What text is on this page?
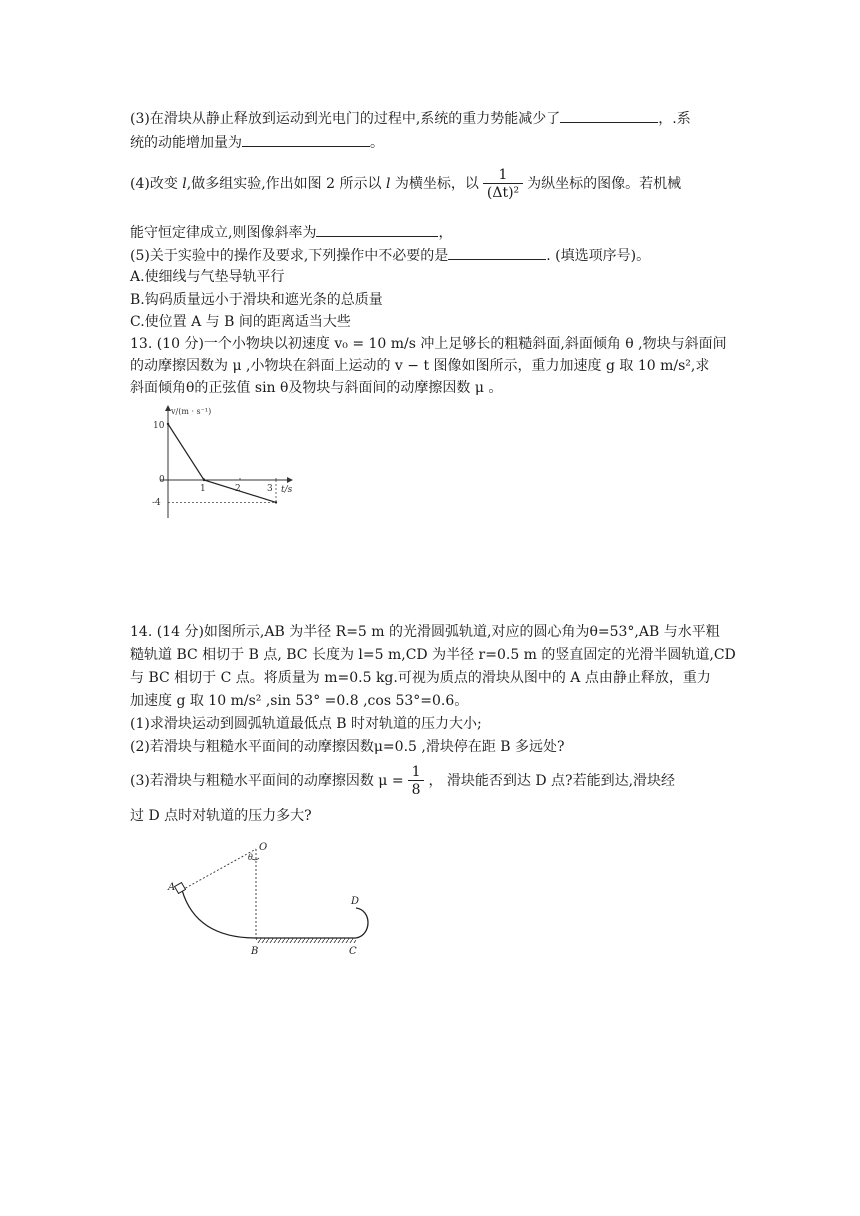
(3)在滑块从静止释放到运动到光电门的过程中,系统的重力势能减少了	，.系
统的动能增加量为	。
(4)改变 l,做多组实验,作出如图 2 所示以 l 为横坐标，以 $\frac{1}{\text{(Δt)²}}$ 为纵坐标的图像。若机械
能守恒定律成立,则图像斜率为	，
(5)关于实验中的操作及要求,下列操作中不必要的是	. (填选项序号)。
A.使细线与气垫导轨平行
B.钩码质量远小于滑块和遮光条的总质量
C.使位置 A 与 B 间的距离适当大些
13. (10 分)一个小物块以初速度 v₀ = 10 m/s 冲上足够长的粗糙斜面,斜面倾角 θ ,物块与斜面间
的动摩擦因数为 μ ,小物块在斜面上运动的 v − t 图像如图所示，重力加速度 g 取 10 m/s²,求
斜面倾角θ的正弦值 sin θ及物块与斜面间的动摩擦因数 μ 。
v/(m · s⁻¹)
t/s
10
0
-4
1	2	3
14. (14 分)如图所示,AB 为半径 R=5 m 的光滑圆弧轨道,对应的圆心角为θ=53°,AB 与水平粗
糙轨道 BC 相切于 B 点, BC 长度为 l=5 m,CD 为半径 r=0.5 m 的竖直固定的光滑半圆轨道,CD
与 BC 相切于 C 点。将质量为 m=0.5 kg.可视为质点的滑块从图中的 A 点由静止释放，重力
加速度 g 取 10 m/s² ,sin 53° =0.8 ,cos 53°=0.6。
(1)求滑块运动到圆弧轨道最低点 B 时对轨道的压力大小;
(2)若滑块与粗糙水平面间的动摩擦因数μ=0.5 ,滑块停在距 B 多远处?
(3)若滑块与粗糙水平面间的动摩擦因数 $\mu = \frac{1}{8}$ ， 滑块能否到达 D 点?若能到达,滑块经
过 D 点时对轨道的压力多大?
O
θ
A
B	C
D
